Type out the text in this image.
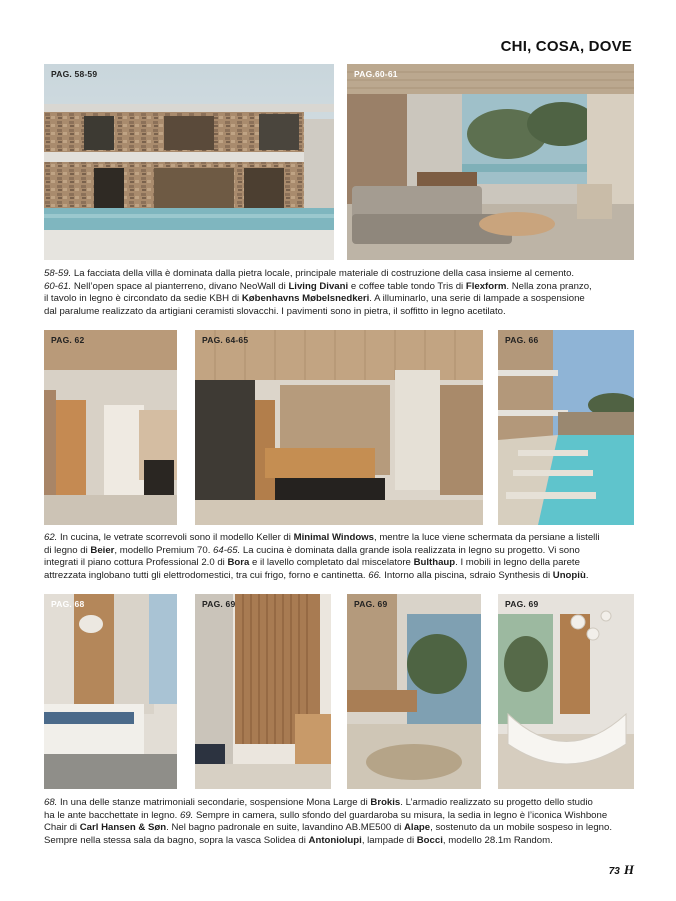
CHI, COSA, DOVE
PAG. 58-59	PAG.60-61
58-59. La facciata della villa è dominata dalla pietra locale, principale materiale di costruzione della casa insieme al cemento.
60-61. Nell’open space al pianterreno, divano NeoWall di Living Divani e coffee table tondo Tris di Flexform. Nella zona pranzo,
il tavolo in legno è circondato da sedie KBH di Københavns Møbelsnedkeri. A illuminarlo, una serie di lampade a sospensione
dal paralume realizzato da artigiani ceramisti slovacchi. I pavimenti sono in pietra, il soffitto in legno acetilato.
PAG. 62	PAG. 64-65	PAG. 66
62. In cucina, le vetrate scorrevoli sono il modello Keller di Minimal Windows, mentre la luce viene schermata da persiane a listelli
di legno di Beier, modello Premium 70. 64-65. La cucina è dominata dalla grande isola realizzata in legno su progetto. Vi sono
integrati il piano cottura Professional 2.0 di Bora e il lavello completato dal miscelatore Bulthaup. I mobili in legno della parete
attrezzata inglobano tutti gli elettrodomestici, tra cui frigo, forno e cantinetta. 66. Intorno alla piscina, sdraio Synthesis di Unopiù.
PAG. 68	PAG. 69	PAG. 69	PAG. 69
68. In una delle stanze matrimoniali secondarie, sospensione Mona Large di Brokis. L’armadio realizzato su progetto dello studio
ha le ante bacchettate in legno. 69. Sempre in camera, sullo sfondo del guardaroba su misura, la sedia in legno è l’iconica Wishbone
Chair di Carl Hansen & Søn. Nel bagno padronale en suite, lavandino AB.ME500 di Alape, sostenuto da un mobile sospeso in legno.
Sempre nella stessa sala da bagno, sopra la vasca Solidea di Antoniolupi, lampade di Bocci, modello 28.1m Random.
73 H
